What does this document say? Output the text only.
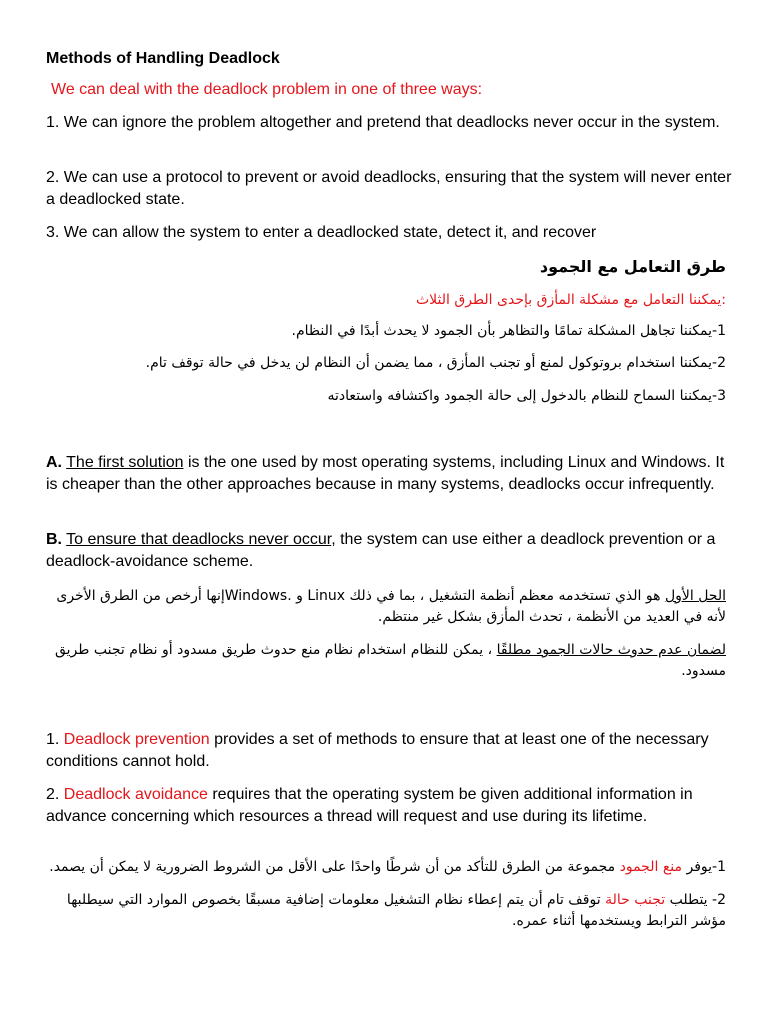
Methods of Handling Deadlock

We can deal with the deadlock problem in one of three ways:

1. We can ignore the problem altogether and pretend that deadlocks never occur in the system.

2. We can use a protocol to prevent or avoid deadlocks, ensuring that the system will never enter a deadlocked state.

3. We can allow the system to enter a deadlocked state, detect it, and recover

طرق التعامل مع الجمود

:يمكننا التعامل مع مشكلة المأزق بإحدى الطرق الثلاث

1-يمكننا تجاهل المشكلة تمامًا والتظاهر بأن الجمود لا يحدث أبدًا في النظام.

2-يمكننا استخدام بروتوكول لمنع أو تجنب المأزق ، مما يضمن أن النظام لن يدخل في حالة توقف تام.

3-يمكننا السماح للنظام بالدخول إلى حالة الجمود واكتشافه واستعادته

A. The first solution is the one used by most operating systems, including Linux and Windows. It is cheaper than the other approaches because in many systems, deadlocks occur infrequently.

B. To ensure that deadlocks never occur, the system can use either a deadlock prevention or a deadlock-avoidance scheme.

الحل الأول هو الذي تستخدمه معظم أنظمة التشغيل ، بما في ذلك Linux و .Windowsإنها أرخص من الطرق الأخرى لأنه في العديد من الأنظمة ، تحدث المأزق بشكل غير منتظم.

لضمان عدم حدوث حالات الجمود مطلقًا ، يمكن للنظام استخدام نظام منع حدوث طريق مسدود أو نظام تجنب طريق مسدود.

1. Deadlock prevention provides a set of methods to ensure that at least one of the necessary conditions cannot hold.

2. Deadlock avoidance requires that the operating system be given additional information in advance concerning which resources a thread will request and use during its lifetime.

1-يوفر منع الجمود مجموعة من الطرق للتأكد من أن شرطًا واحدًا على الأقل من الشروط الضرورية لا يمكن أن يصمد.

2- يتطلب تجنب حالة توقف تام أن يتم إعطاء نظام التشغيل معلومات إضافية مسبقًا بخصوص الموارد التي سيطلبها مؤشر الترابط ويستخدمها أثناء عمره.
